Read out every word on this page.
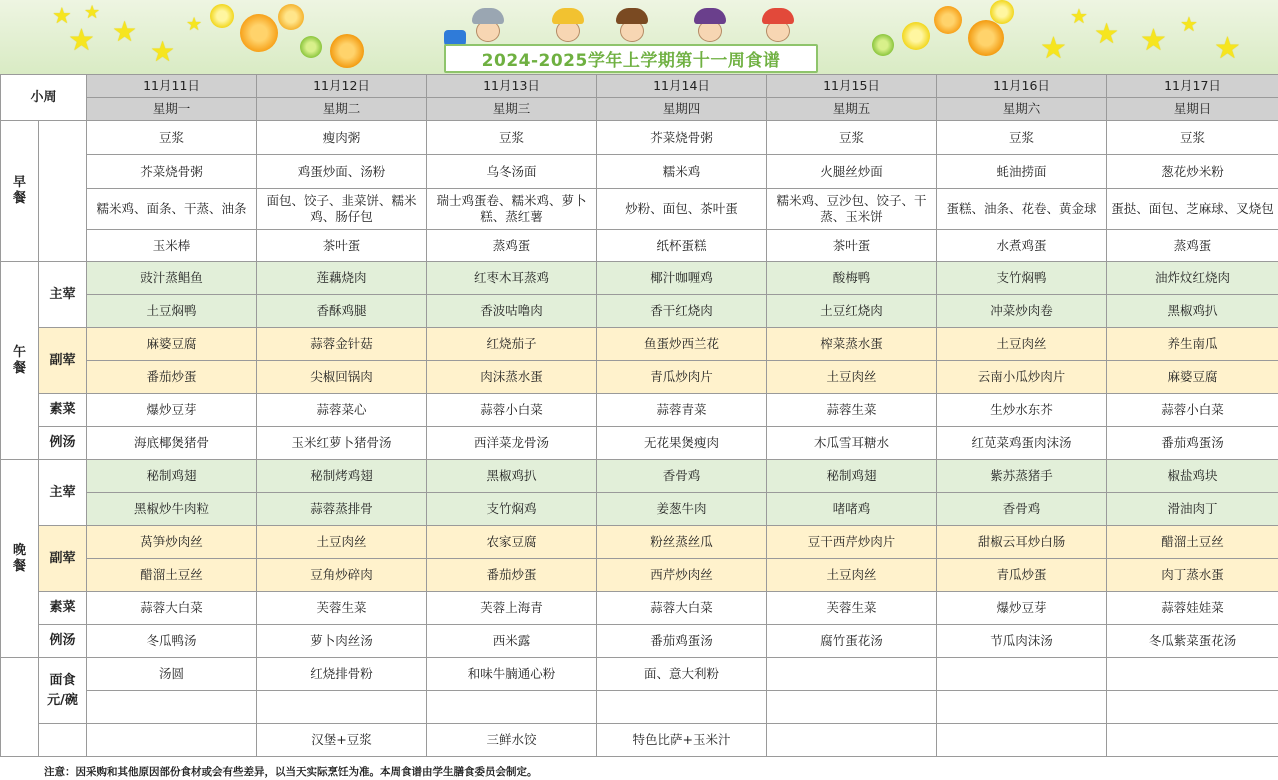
★ ★
★ ★
★
★
★
★
★ ★ ★
★
2024-2025学年上学期第十一周食谱
小周		11月11日	11月12日	11月13日	11月14日	11月15日	11月16日	11月17日
		星期一	星期二	星期三	星期四	星期五	星期六	星期日
早餐		豆浆	瘦肉粥	豆浆	芥菜烧骨粥	豆浆	豆浆	豆浆
		芥菜烧骨粥	鸡蛋炒面、汤粉	乌冬汤面	糯米鸡	火腿丝炒面	蚝油捞面	葱花炒米粉
		糯米鸡、面条、干蒸、油条	面包、饺子、韭菜饼、糯米鸡、肠仔包	瑞士鸡蛋卷、糯米鸡、萝卜糕、蒸红薯	炒粉、面包、茶叶蛋	糯米鸡、豆沙包、饺子、干蒸、玉米饼	蛋糕、油条、花卷、黄金球	蛋挞、面包、芝麻球、叉烧包
		玉米棒	茶叶蛋	蒸鸡蛋	纸杯蛋糕	茶叶蛋	水煮鸡蛋	蒸鸡蛋
午餐	主荤	豉汁蒸鲳鱼	莲藕烧肉	红枣木耳蒸鸡	椰汁咖喱鸡	酸梅鸭	支竹焖鸭	油炸炆红烧肉
		土豆焖鸭	香酥鸡腿	香波咕噜肉	香干红烧肉	土豆红烧肉	冲菜炒肉卷	黑椒鸡扒
	副荤	麻婆豆腐	蒜蓉金针菇	红烧茄子	鱼蛋炒西兰花	榨菜蒸水蛋	土豆肉丝	养生南瓜
		番茄炒蛋	尖椒回锅肉	肉沫蒸水蛋	青瓜炒肉片	土豆肉丝	云南小瓜炒肉片	麻婆豆腐
	素菜	爆炒豆芽	蒜蓉菜心	蒜蓉小白菜	蒜蓉青菜	蒜蓉生菜	生炒水东芥	蒜蓉小白菜
	例汤	海底椰煲猪骨	玉米红萝卜猪骨汤	西洋菜龙骨汤	无花果煲瘦肉	木瓜雪耳糖水	红苋菜鸡蛋肉沫汤	番茄鸡蛋汤
晚餐	主荤	秘制鸡翅	秘制烤鸡翅	黑椒鸡扒	香骨鸡	秘制鸡翅	紫苏蒸猪手	椒盐鸡块
		黑椒炒牛肉粒	蒜蓉蒸排骨	支竹焖鸡	姜葱牛肉	啫啫鸡	香骨鸡	滑油肉丁
	副荤	莴笋炒肉丝	土豆肉丝	农家豆腐	粉丝蒸丝瓜	豆干西芹炒肉片	甜椒云耳炒白肠	醋溜土豆丝
		醋溜土豆丝	豆角炒碎肉	番茄炒蛋	西芹炒肉丝	土豆肉丝	青瓜炒蛋	肉丁蒸水蛋
	素菜	蒜蓉大白菜	芙蓉生菜	芙蓉上海青	蒜蓉大白菜	芙蓉生菜	爆炒豆芽	蒜蓉娃娃菜
	例汤	冬瓜鸭汤	萝卜肉丝汤	西米露	番茄鸡蛋汤	腐竹蛋花汤	节瓜肉沫汤	冬瓜紫菜蛋花汤
	面食元/碗	汤圆	红烧排骨粉	和味牛腩通心粉	面、意大利粉			

			汉堡+豆浆	三鲜水饺	特色比萨+玉米汁			
注意：因采购和其他原因部份食材或会有些差异，以当天实际烹饪为准。本周食谱由学生膳食委员会制定。
